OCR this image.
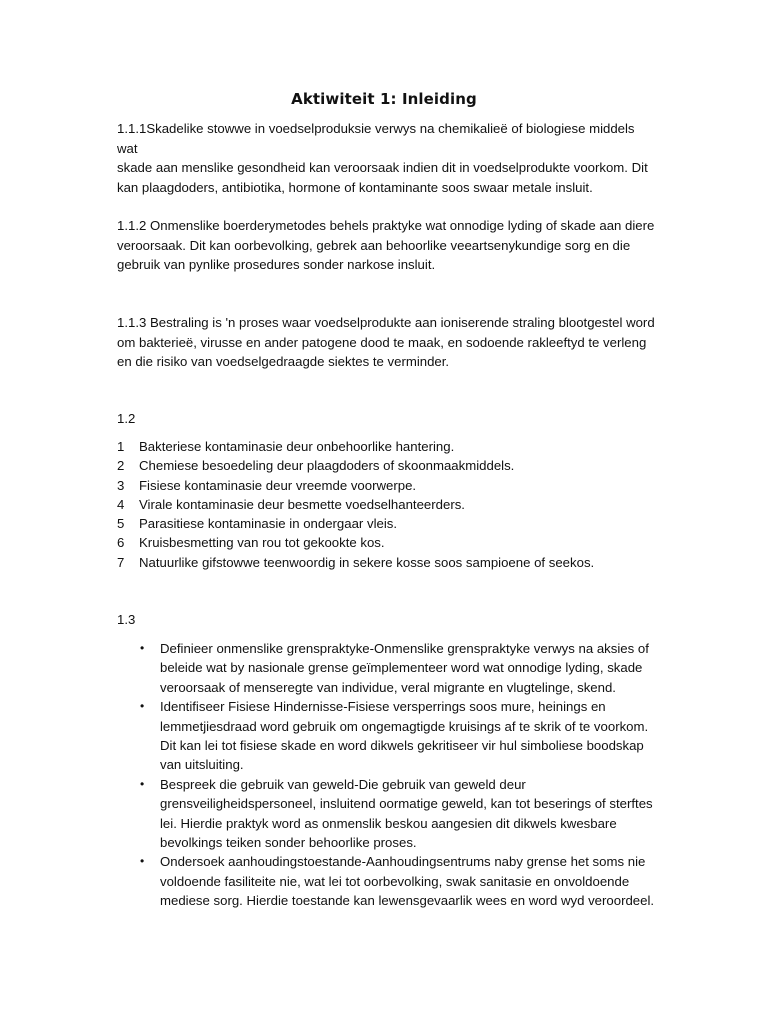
Aktiwiteit 1: Inleiding
1.1.1Skadelike stowwe in voedselproduksie verwys na chemikalieë of biologiese middels wat
skade aan menslike gesondheid kan veroorsaak indien dit in voedselprodukte voorkom. Dit
kan plaagdoders, antibiotika, hormone of kontaminante soos swaar metale insluit.
1.1.2 Onmenslike boerderymetodes behels praktyke wat onnodige lyding of skade aan diere
veroorsaak. Dit kan oorbevolking, gebrek aan behoorlike veeartsenykundige sorg en die
gebruik van pynlike prosedures sonder narkose insluit.
1.1.3 Bestraling is 'n proses waar voedselprodukte aan ioniserende straling blootgestel word
om bakterieë, virusse en ander patogene dood te maak, en sodoende rakleeftyd te verleng
en die risiko van voedselgedraagde siektes te verminder.
1.2
1 Bakteriese kontaminasie deur onbehoorlike hantering.
2 Chemiese besoedeling deur plaagdoders of skoonmaakmiddels.
3 Fisiese kontaminasie deur vreemde voorwerpe.
4 Virale kontaminasie deur besmette voedselhanteerders.
5 Parasitiese kontaminasie in ondergaar vleis.
6 Kruisbesmetting van rou tot gekookte kos.
7 Natuurlike gifstowwe teenwoordig in sekere kosse soos sampioene of seekos.
1.3
• Definieer onmenslike grenspraktyke-Onmenslike grenspraktyke verwys na aksies of
beleide wat by nasionale grense geïmplementeer word wat onnodige lyding, skade
veroorsaak of menseregte van individue, veral migrante en vlugtelinge, skend.
• Identifiseer Fisiese Hindernisse-Fisiese versperrings soos mure, heinings en
lemmetjiesdraad word gebruik om ongemagtigde kruisings af te skrik of te voorkom.
Dit kan lei tot fisiese skade en word dikwels gekritiseer vir hul simboliese boodskap
van uitsluiting.
• Bespreek die gebruik van geweld-Die gebruik van geweld deur
grensveiligheidspersoneel, insluitend oormatige geweld, kan tot beserings of sterftes
lei. Hierdie praktyk word as onmenslik beskou aangesien dit dikwels kwesbare
bevolkings teiken sonder behoorlike proses.
• Ondersoek aanhoudingstoestande-Aanhoudingsentrums naby grense het soms nie
voldoende fasiliteite nie, wat lei tot oorbevolking, swak sanitasie en onvoldoende
mediese sorg. Hierdie toestande kan lewensgevaarlik wees en word wyd veroordeel.
